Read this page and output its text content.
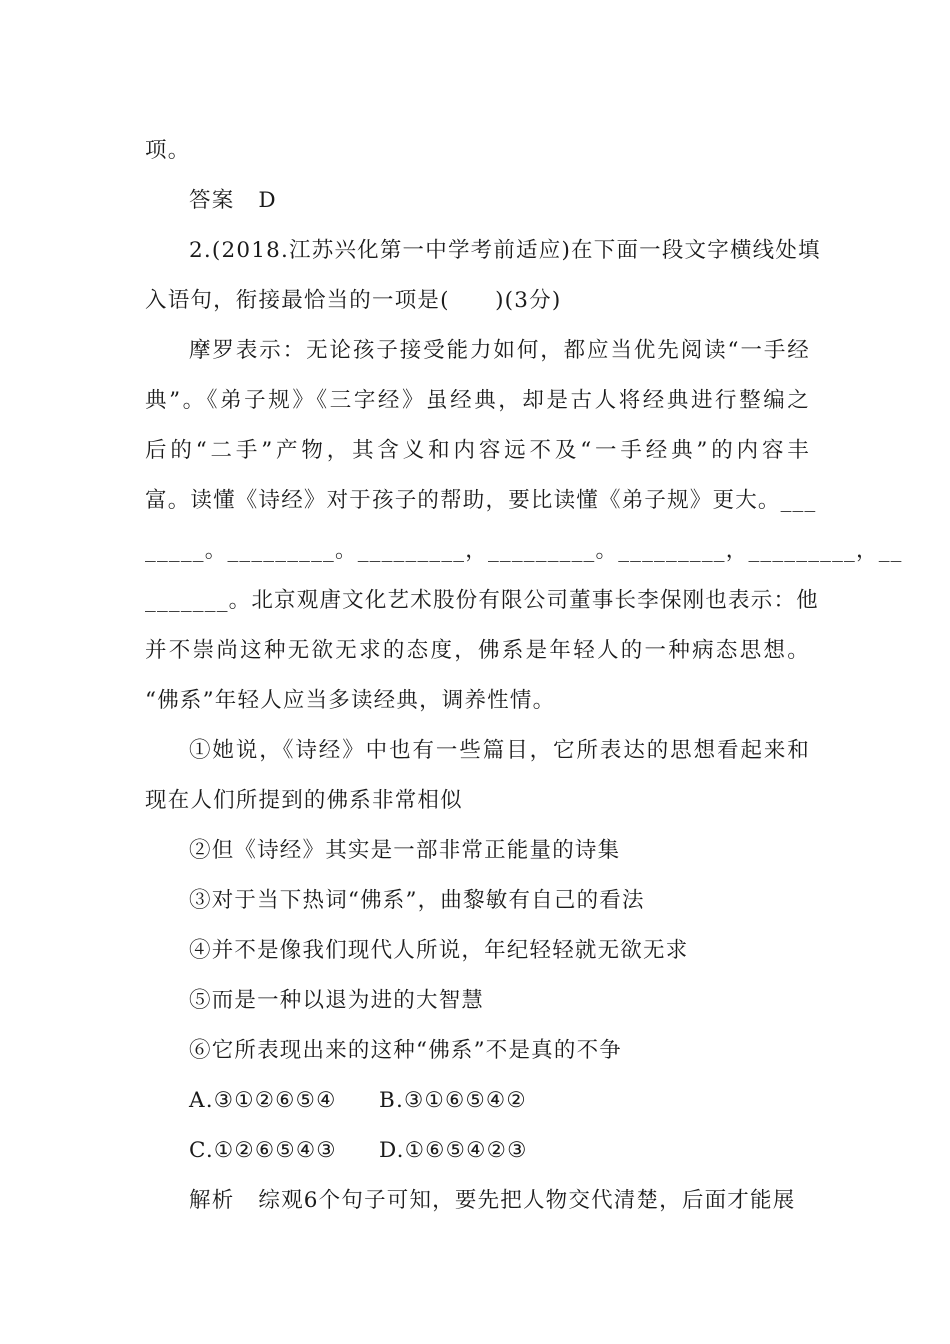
项。
答案 D
2.(2018.江苏兴化第一中学考前适应)在下面一段文字横线处填
入语句，衔接最恰当的一项是(　　)(3分)
摩罗表示：无论孩子接受能力如何，都应当优先阅读“一手经
典”。《弟子规》《三字经》虽经典，却是古人将经典进行整编之
后的“二手”产物，其含义和内容远不及“一手经典”的内容丰
富。读懂《诗经》对于孩子的帮助，要比读懂《弟子规》更大。___
_____。_________。_________，_________。_________，_________，__
_______。北京观唐文化艺术股份有限公司董事长李保刚也表示：他
并不崇尚这种无欲无求的态度，佛系是年轻人的一种病态思想。
“佛系”年轻人应当多读经典，调养性情。
①她说，《诗经》中也有一些篇目，它所表达的思想看起来和
现在人们所提到的佛系非常相似
②但《诗经》其实是一部非常正能量的诗集
③对于当下热词“佛系”，曲黎敏有自己的看法
④并不是像我们现代人所说，年纪轻轻就无欲无求
⑤而是一种以退为进的大智慧
⑥它所表现出来的这种“佛系”不是真的不争
A.③①②⑥⑤④ B.③①⑥⑤④②
C.①②⑥⑤④③ D.①⑥⑤④②③
解析 综观6个句子可知，要先把人物交代清楚，后面才能展
